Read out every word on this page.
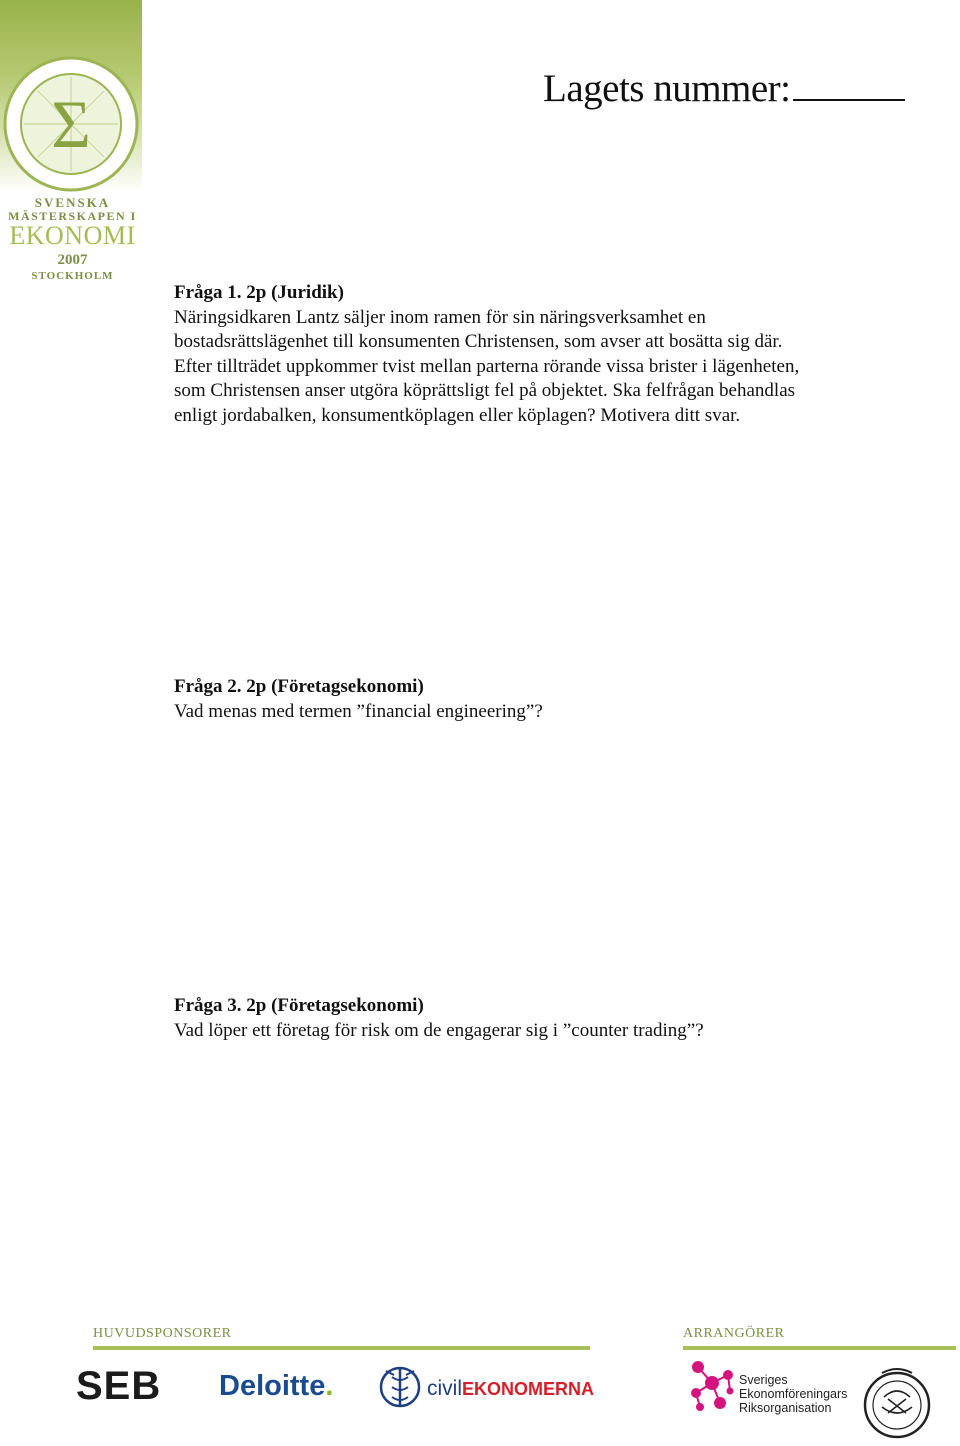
Σ
SVENSKA
MÄSTERSKAPEN I
EKONOMI
2007
STOCKHOLM
Lagets nummer:
Fråga 1. 2p (Juridik)
Näringsidkaren Lantz säljer inom ramen för sin näringsverksamhet en
bostadsrättslägenhet till konsumenten Christensen, som avser att bosätta sig där.
Efter tillträdet uppkommer tvist mellan parterna rörande vissa brister i lägenheten,
som Christensen anser utgöra köprättsligt fel på objektet. Ska felfrågan behandlas
enligt jordabalken, konsumentköplagen eller köplagen? Motivera ditt svar.
Fråga 2. 2p (Företagsekonomi)
Vad menas med termen ”financial engineering”?
Fråga 3. 2p (Företagsekonomi)
Vad löper ett företag för risk om de engagerar sig i ”counter trading”?
HUVUDSPONSORER	ARRANGÖRER
SEB Deloitte.	civilEKONOMERNA	Sveriges
Ekonomföreningars
Riksorganisation
